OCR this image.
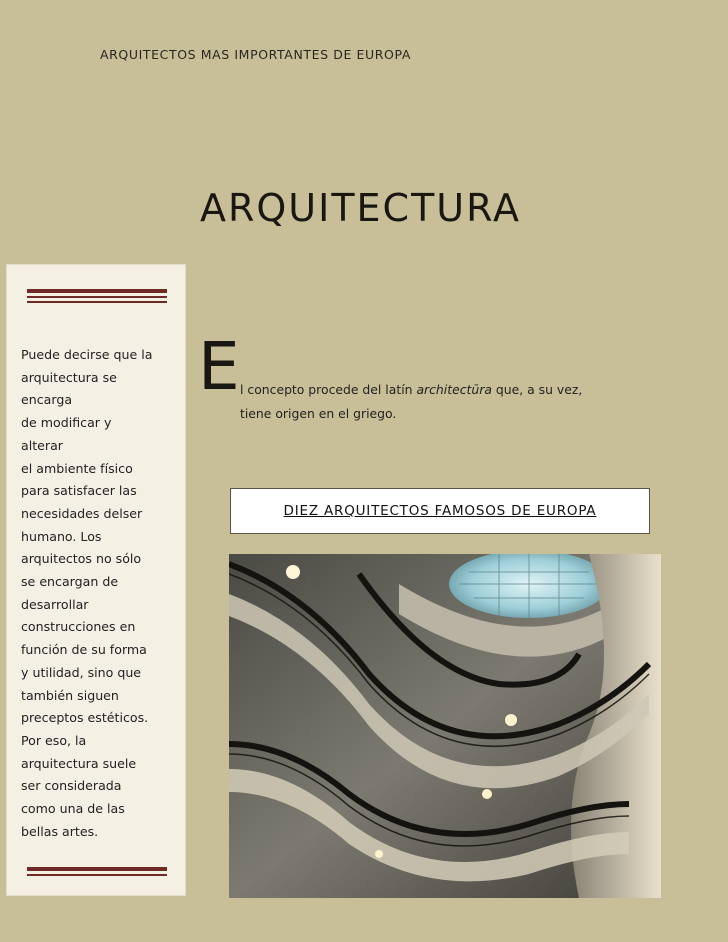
ARQUITECTOS MAS IMPORTANTES DE EUROPA
ARQUITECTURA
Puede decirse que la
arquitectura se
encarga
de modificar y
alterar
el ambiente físico
para satisfacer las
necesidades delser
humano. Los
arquitectos no sólo
se encargan de
desarrollar
construcciones en
función de su forma
y utilidad, sino que
también siguen
preceptos estéticos.
Por eso, la
arquitectura suele
ser considerada
como una de las
bellas artes.
E l concepto procede del latín architectūra que, a su vez,
tiene origen en el griego.
DIEZ ARQUITECTOS FAMOSOS DE EUROPA
